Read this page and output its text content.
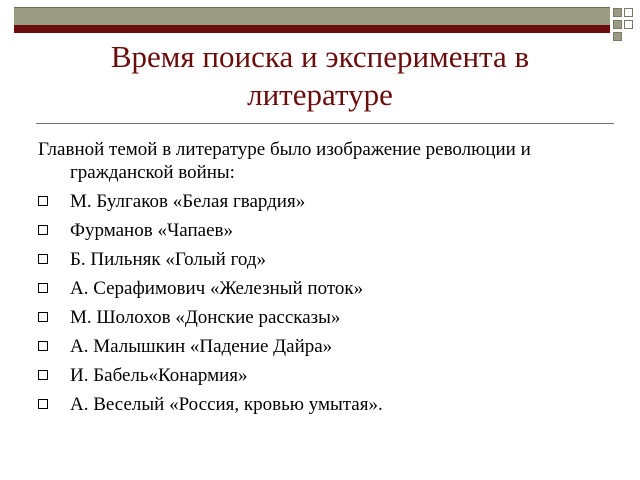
Время поиска и эксперимента в
литературе
Главной темой в литературе было изображение революции и гражданской войны:
М. Булгаков «Белая гвардия»
Фурманов «Чапаев»
Б. Пильняк «Голый год»
А. Серафимович «Железный поток»
М. Шолохов «Донские рассказы»
А. Малышкин «Падение Дайра»
И. Бабель«Конармия»
А. Веселый «Россия, кровью умытая».
